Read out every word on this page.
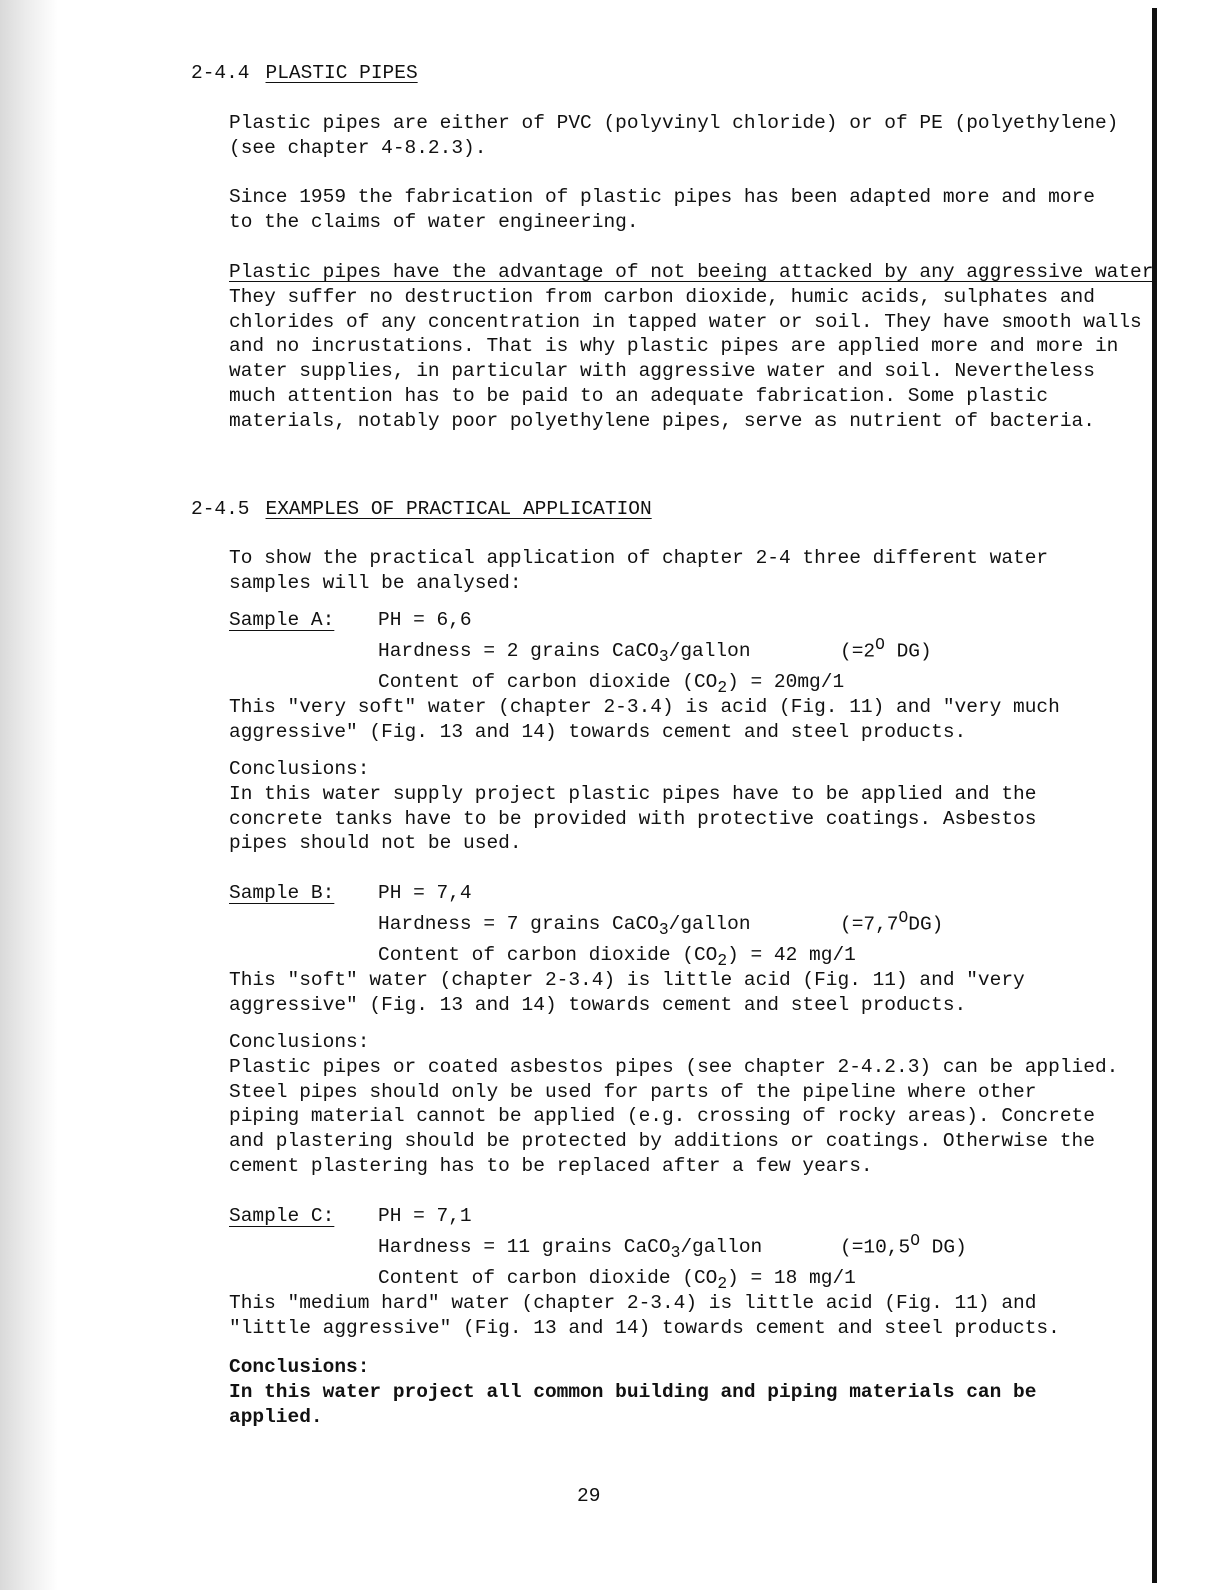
2-4.4 PLASTIC PIPES

Plastic pipes are either of PVC (polyvinyl chloride) or of PE (polyethylene)

(see chapter 4-8.2.3).

Since 1959 the fabrication of plastic pipes has been adapted more and more

to the claims of water engineering.

Plastic pipes have the advantage of not beeing attacked by any aggressive water

They suffer no destruction from carbon dioxide, humic acids, sulphates and

chlorides of any concentration in tapped water or soil. They have smooth walls

and no incrustations. That is why plastic pipes are applied more and more in

water supplies, in particular with aggressive water and soil. Nevertheless

much attention has to be paid to an adequate fabrication. Some plastic

materials, notably poor polyethylene pipes, serve as nutrient of bacteria.

2-4.5 EXAMPLES OF PRACTICAL APPLICATION

To show the practical application of chapter 2-4 three different water

samples will be analysed:

Sample A: PH = 6,6

Hardness = 2 grains CaCO$_3$/gallon	($=2^O$ DG)

Content of carbon dioxide $(CO_2) = 20mg/1$

This "very soft" water (chapter 2-3.4) is acid (Fig. 11) and "very much

aggressive" (Fig. 13 and 14) towards cement and steel products.

Conclusions:

In this water supply project plastic pipes have to be applied and the

concrete tanks have to be provided with protective coatings. Asbestos

pipes should not be used.

Sample B: PH = 7,4

Hardness = 7 grains CaCO$_3$/gallon	$(=7,7^ODG)$

Content of carbon dioxide $(CO_2) = 42$ mg/1

This "soft" water (chapter 2-3.4) is little acid (Fig. 11) and "very

aggressive" (Fig. 13 and 14) towards cement and steel products.

Conclusions:

Plastic pipes or coated asbestos pipes (see chapter 2-4.2.3) can be applied.

Steel pipes should only be used for parts of the pipeline where other

piping material cannot be applied (e.g. crossing of rocky areas). Concrete

and plastering should be protected by additions or coatings. Otherwise the

cement plastering has to be replaced after a few years.

Sample C: PH = 7,1

Hardness = 11 grains CaCO$_3$/gallon	($=10,5^O$ DG)

Content of carbon dioxide $(CO_2) = 18$ mg/1

This "medium hard" water (chapter 2-3.4) is little acid (Fig. 11) and

"little aggressive" (Fig. 13 and 14) towards cement and steel products.

Conclusions:

In this water project all common building and piping materials can be

applied.

29
